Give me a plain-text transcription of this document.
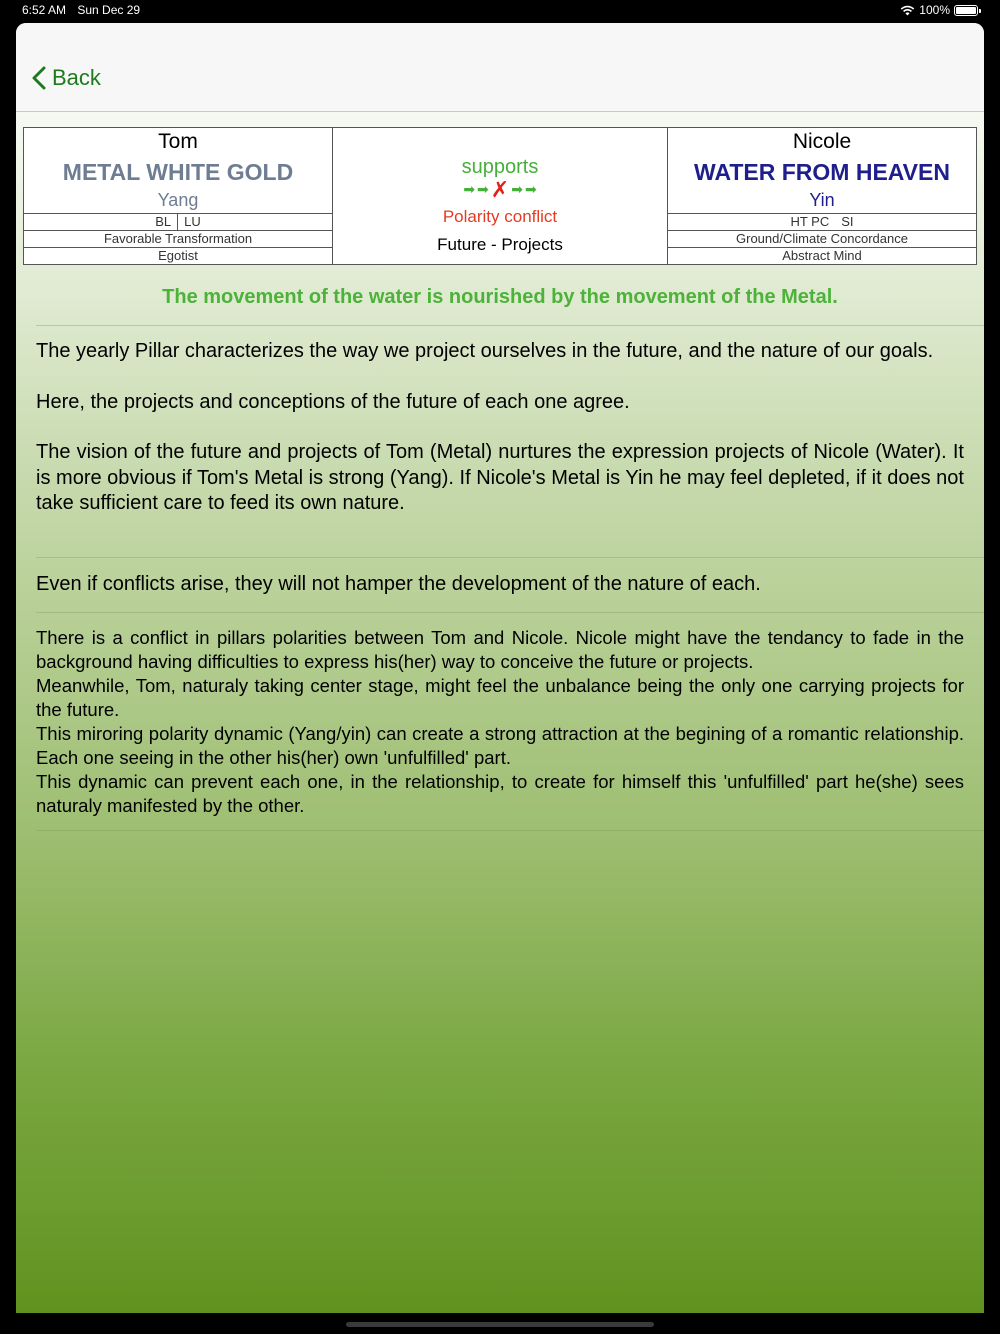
6:52 AM Sun Dec 29	100%
Back
Tom
METAL WHITE GOLD
Yang
BL	LU
Favorable Transformation
Egotist

supports
➡ ➡ ✗ ➡ ➡
Polarity conflict
Future - Projects

Nicole
WATER FROM HEAVEN
Yin
HT PC SI
Ground/Climate Concordance
Abstract Mind
The movement of the water is nourished by the movement of the Metal.

The yearly Pillar characterizes the way we project ourselves in the future, and the nature of our goals.

Here, the projects and conceptions of the future of each one agree.

The vision of the future and projects of Tom (Metal) nurtures the expression projects of Nicole (Water). It is more obvious if Tom's Metal is strong (Yang). If Nicole's Metal is Yin he may feel depleted, if it does not take sufficient care to feed its own nature.

Even if conflicts arise, they will not hamper the development of the nature of each.

There is a conflict in pillars polarities between Tom and Nicole. Nicole might have the tendancy to fade in the background having difficulties to express his(her) way to conceive the future or projects.

Meanwhile, Tom, naturaly taking center stage, might feel the unbalance being the only one carrying projects for the future.

This miroring polarity dynamic (Yang/yin) can create a strong attraction at the begining of a romantic relationship. Each one seeing in the other his(her) own 'unfulfilled' part.

This dynamic can prevent each one, in the relationship, to create for himself this 'unfulfilled' part he(she) sees naturaly manifested by the other.
